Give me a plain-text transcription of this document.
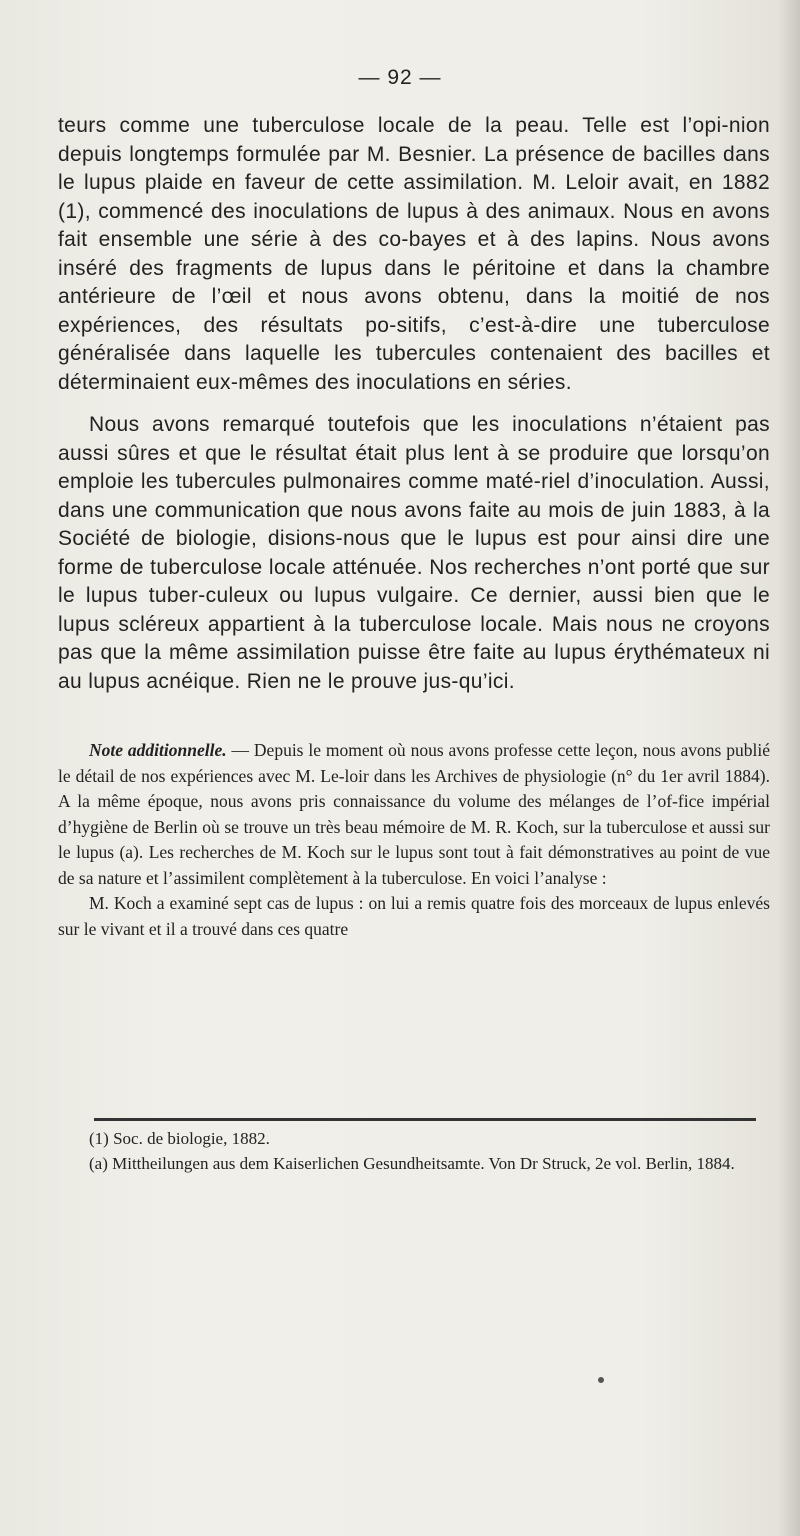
— 92 —

teurs comme une tuberculose locale de la peau. Telle est l’opi-nion depuis longtemps formulée par M. Besnier. La présence de bacilles dans le lupus plaide en faveur de cette assimilation. M. Leloir avait, en 1882 (1), commencé des inoculations de lupus à des animaux. Nous en avons fait ensemble une série à des co-bayes et à des lapins. Nous avons inséré des fragments de lupus dans le péritoine et dans la chambre antérieure de l’œil et nous avons obtenu, dans la moitié de nos expériences, des résultats po-sitifs, c’est-à-dire une tuberculose généralisée dans laquelle les tubercules contenaient des bacilles et déterminaient eux-mêmes des inoculations en séries.

Nous avons remarqué toutefois que les inoculations n’étaient pas aussi sûres et que le résultat était plus lent à se produire que lorsqu’on emploie les tubercules pulmonaires comme maté-riel d’inoculation. Aussi, dans une communication que nous avons faite au mois de juin 1883, à la Société de biologie, disions-nous que le lupus est pour ainsi dire une forme de tuberculose locale atténuée. Nos recherches n’ont porté que sur le lupus tuber-culeux ou lupus vulgaire. Ce dernier, aussi bien que le lupus scléreux appartient à la tuberculose locale. Mais nous ne croyons pas que la même assimilation puisse être faite au lupus érythémateux ni au lupus acnéique. Rien ne le prouve jus-qu’ici.

Note additionnelle. — Depuis le moment où nous avons professe cette leçon, nous avons publié le détail de nos expériences avec M. Le-loir dans les Archives de physiologie (n° du 1er avril 1884). A la même époque, nous avons pris connaissance du volume des mélanges de l’of-fice impérial d’hygiène de Berlin où se trouve un très beau mémoire de M. R. Koch, sur la tuberculose et aussi sur le lupus (a). Les recherches de M. Koch sur le lupus sont tout à fait démonstratives au point de vue de sa nature et l’assimilent complètement à la tuberculose. En voici l’analyse :

M. Koch a examiné sept cas de lupus : on lui a remis quatre fois des morceaux de lupus enlevés sur le vivant et il a trouvé dans ces quatre

(1) Soc. de biologie, 1882.

(a) Mittheilungen aus dem Kaiserlichen Gesundheitsamte. Von Dr Struck, 2e vol. Berlin, 1884.
